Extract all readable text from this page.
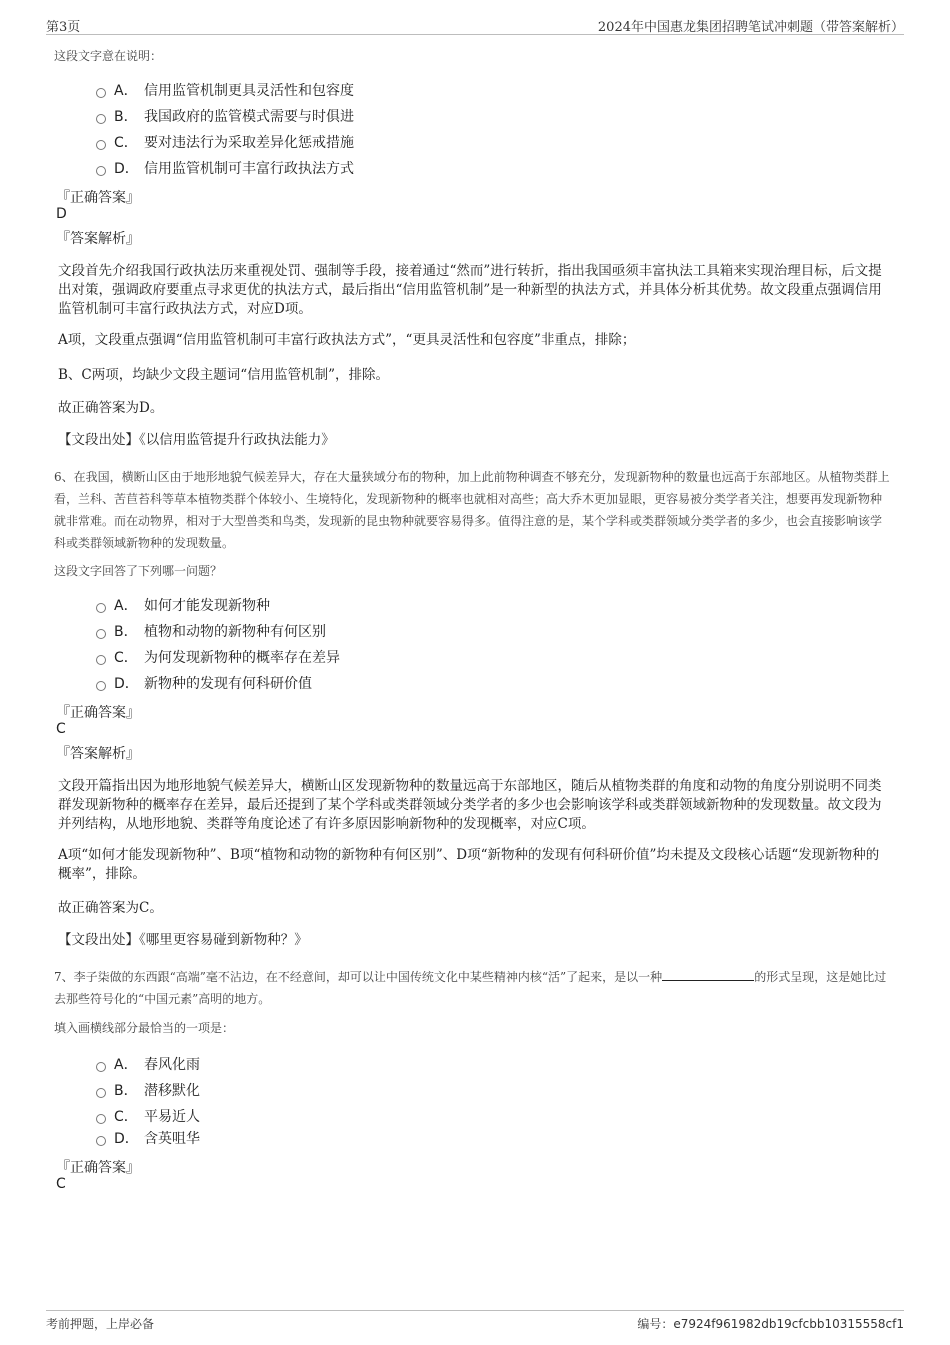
第3页	2024年中国惠龙集团招聘笔试冲刺题（带答案解析）
这段文字意在说明：
A． 信用监管机制更具灵活性和包容度
B． 我国政府的监管模式需要与时俱进
C． 要对违法行为采取差异化惩戒措施
D． 信用监管机制可丰富行政执法方式
『正确答案』
D
『答案解析』
文段首先介绍我国行政执法历来重视处罚、强制等手段，接着通过“然而”进行转折，指出我国亟须丰富执法工具箱来实现治理目标，后文提出对策，强调政府要重点寻求更优的执法方式，最后指出“信用监管机制”是一种新型的执法方式，并具体分析其优势。故文段重点强调信用监管机制可丰富行政执法方式，对应D项。
A项，文段重点强调“信用监管机制可丰富行政执法方式”，“更具灵活性和包容度”非重点，排除；
B、C两项，均缺少文段主题词“信用监管机制”，排除。
故正确答案为D。
【文段出处】《以信用监管提升行政执法能力》
6、在我国，横断山区由于地形地貌气候差异大，存在大量狭域分布的物种，加上此前物种调查不够充分，发现新物种的数量也远高于东部地区。从植物类群上看，兰科、苦苣苔科等草本植物类群个体较小、生境特化，发现新物种的概率也就相对高些；高大乔木更加显眼，更容易被分类学者关注，想要再发现新物种就非常难。而在动物界，相对于大型兽类和鸟类，发现新的昆虫物种就要容易得多。值得注意的是，某个学科或类群领域分类学者的多少，也会直接影响该学科或类群领域新物种的发现数量。
这段文字回答了下列哪一问题？
A． 如何才能发现新物种
B． 植物和动物的新物种有何区别
C． 为何发现新物种的概率存在差异
D． 新物种的发现有何科研价值
『正确答案』
C
『答案解析』
文段开篇指出因为地形地貌气候差异大，横断山区发现新物种的数量远高于东部地区，随后从植物类群的角度和动物的角度分别说明不同类群发现新物种的概率存在差异，最后还提到了某个学科或类群领域分类学者的多少也会影响该学科或类群领域新物种的发现数量。故文段为并列结构，从地形地貌、类群等角度论述了有许多原因影响新物种的发现概率，对应C项。
A项“如何才能发现新物种”、B项“植物和动物的新物种有何区别”、D项“新物种的发现有何科研价值”均未提及文段核心话题“发现新物种的概率”，排除。
故正确答案为C。
【文段出处】《哪里更容易碰到新物种？》
7、李子柒做的东西跟“高端”毫不沾边，在不经意间，却可以让中国传统文化中某些精神内核“活”了起来，是以一种	的形式呈现，这是她比过去那些符号化的“中国元素”高明的地方。
填入画横线部分最恰当的一项是：
A． 春风化雨
B． 潜移默化
C． 平易近人
D． 含英咀华
『正确答案』
C
考前押题，上岸必备	编号：e7924f961982db19cfcbb10315558cf1
